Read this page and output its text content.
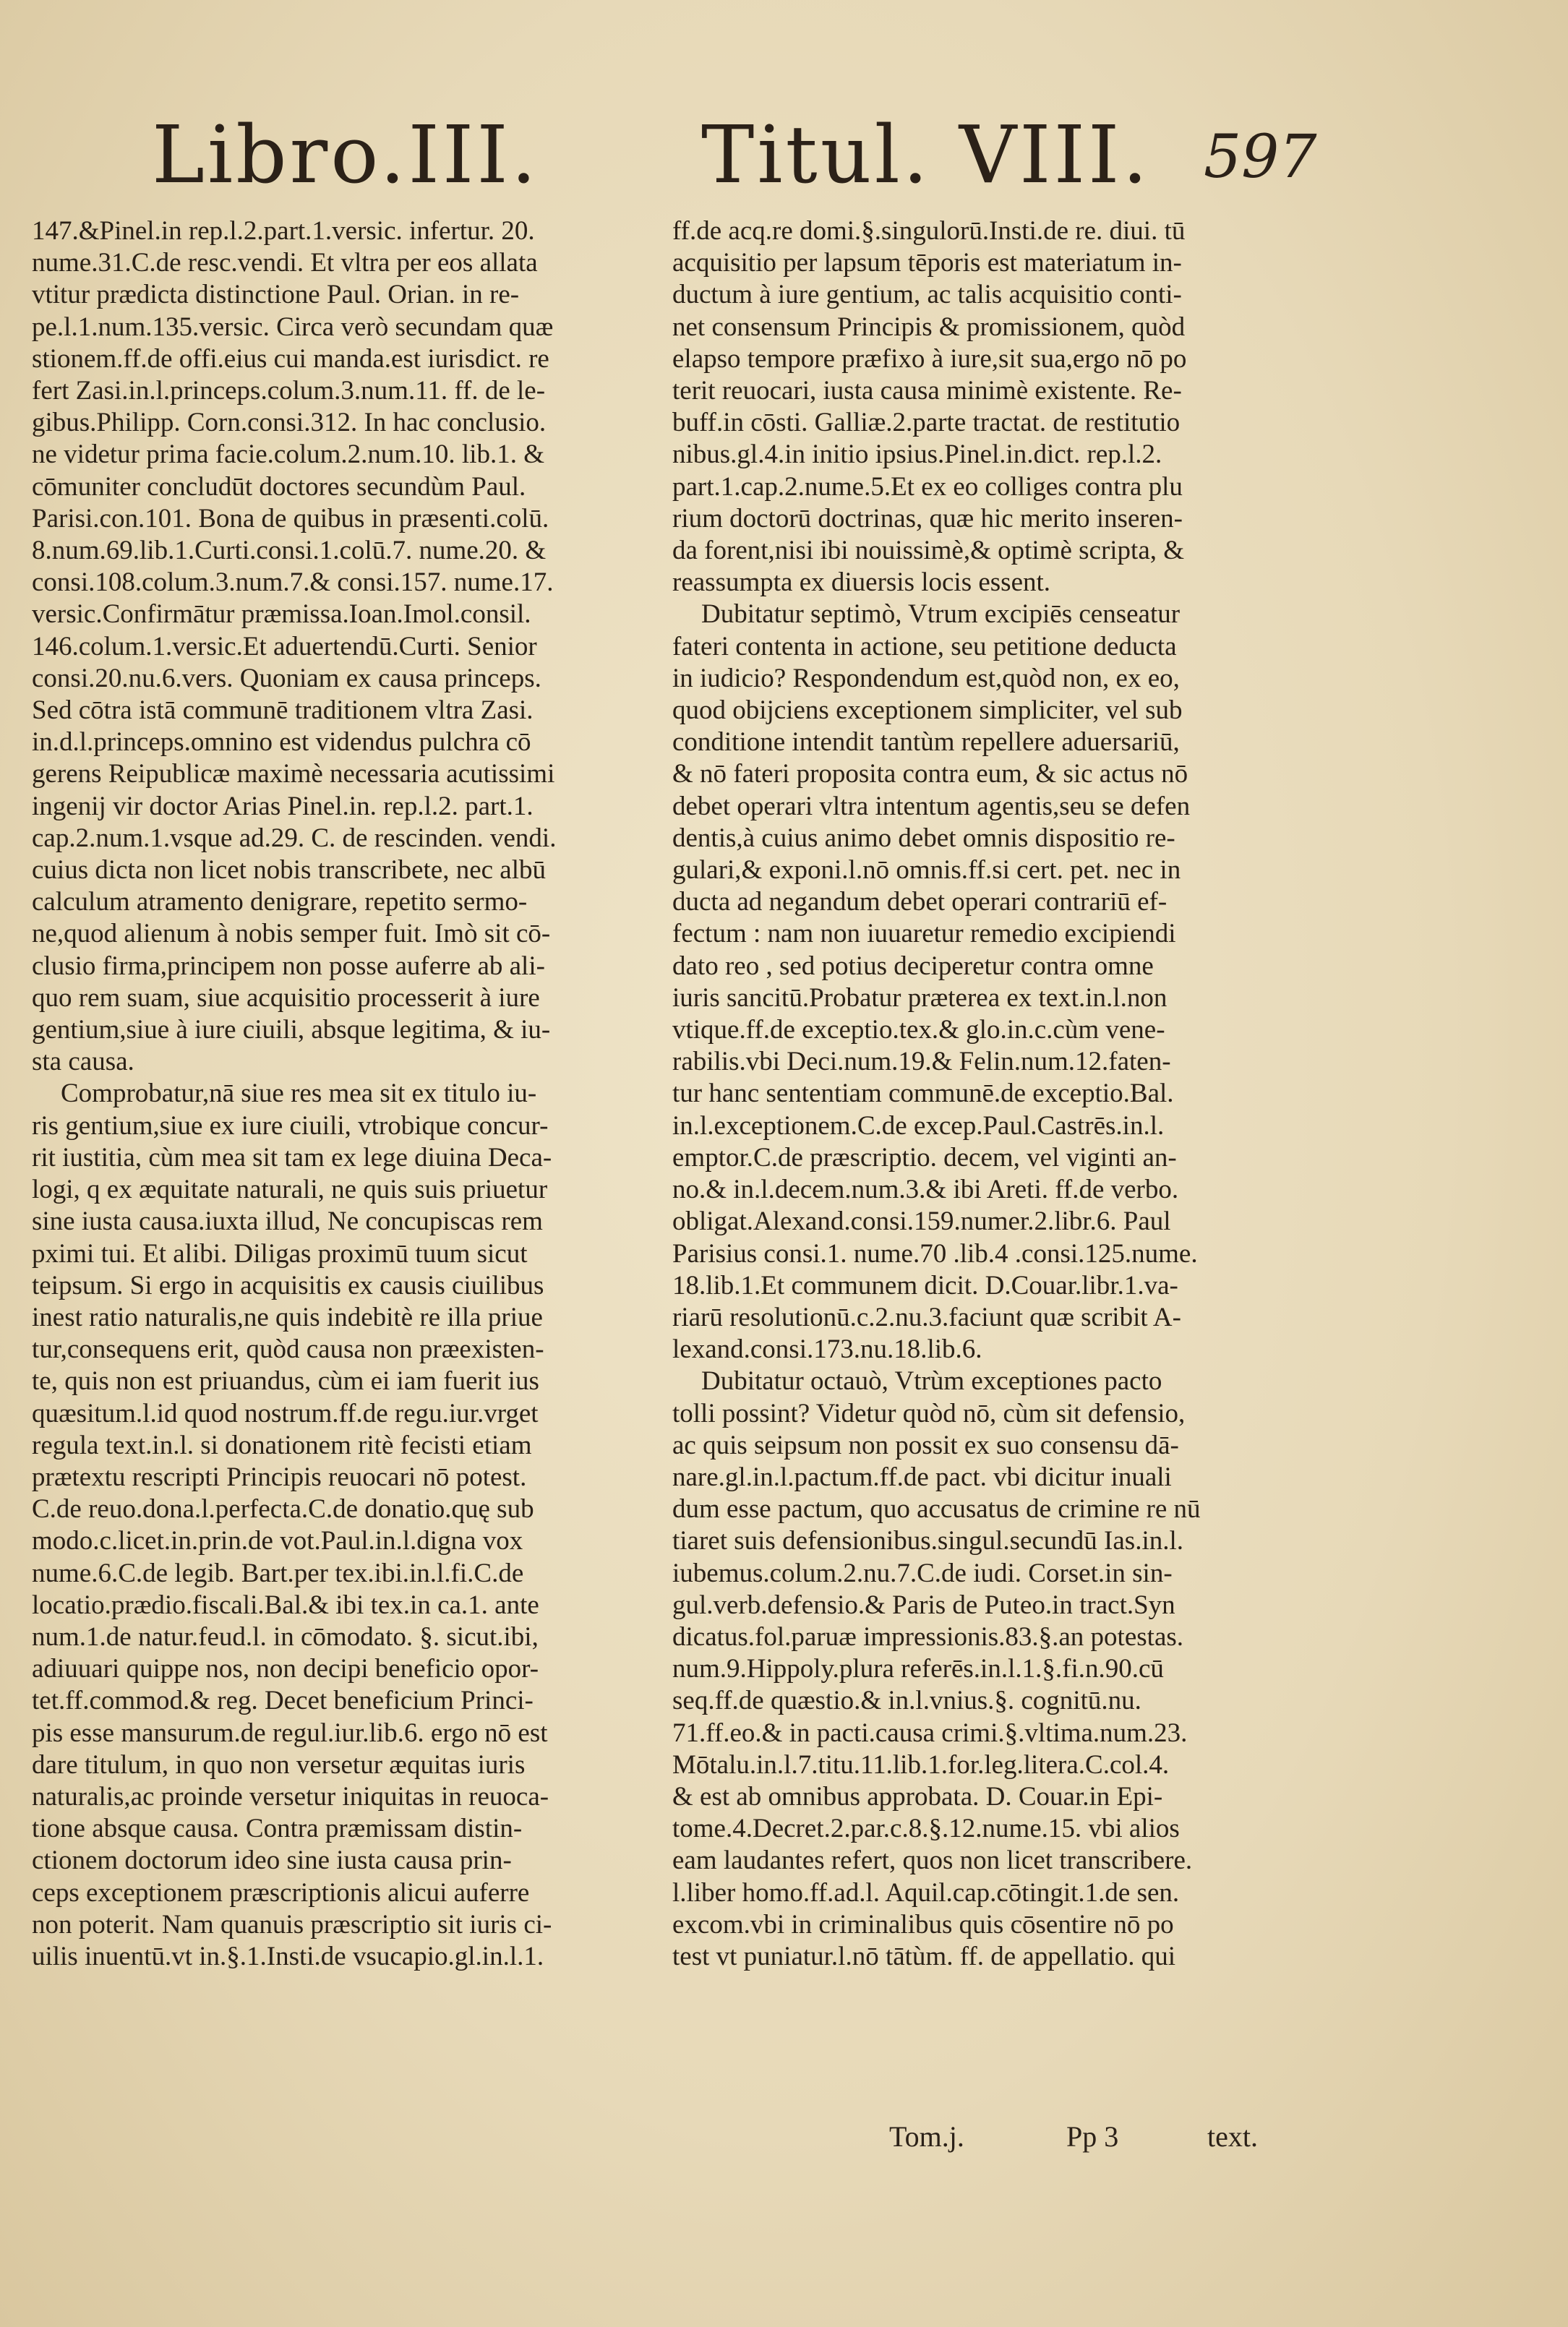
Libro.III. Titul. VIII. 597
147.&Pinel.in rep.l.2.part.1.versic. infertur. 20.
nume.31.C.de resc.vendi. Et vltra per eos allata
vtitur prædicta distinctione Paul. Orian. in re-
pe.l.1.num.135.versic. Circa verò secundam quæ
stionem.ff.de offi.eius cui manda.est iurisdict. re
fert Zasi.in.l.princeps.colum.3.num.11. ff. de le-
gibus.Philipp. Corn.consi.312. In hac conclusio.
ne videtur prima facie.colum.2.num.10. lib.1. &
cōmuniter concludūt doctores secundùm Paul.
Parisi.con.101. Bona de quibus in præsenti.colū.
8.num.69.lib.1.Curti.consi.1.colū.7. nume.20. &
consi.108.colum.3.num.7.& consi.157. nume.17.
versic.Confirmātur præmissa.Ioan.Imol.consil.
146.colum.1.versic.Et aduertendū.Curti. Senior
consi.20.nu.6.vers. Quoniam ex causa princeps.
Sed cōtra istā communē traditionem vltra Zasi.
in.d.l.princeps.omnino est videndus pulchra cō
gerens Reipublicæ maximè necessaria acutissimi
ingenij vir doctor Arias Pinel.in. rep.l.2. part.1.
cap.2.num.1.vsque ad.29. C. de rescinden. vendi.
cuius dicta non licet nobis transcribete, nec albū
calculum atramento denigrare, repetito sermo-
ne,quod alienum à nobis semper fuit. Imò sit cō-
clusio firma,principem non posse auferre ab ali-
quo rem suam, siue acquisitio processerit à iure
gentium,siue à iure ciuili, absque legitima, & iu-
sta causa.
Comprobatur,nā siue res mea sit ex titulo iu-
ris gentium,siue ex iure ciuili, vtrobique concur-
rit iustitia, cùm mea sit tam ex lege diuina Deca-
logi, q ex æquitate naturali, ne quis suis priuetur
sine iusta causa.iuxta illud, Ne concupiscas rem
pximi tui. Et alibi. Diligas proximū tuum sicut
teipsum. Si ergo in acquisitis ex causis ciuilibus
inest ratio naturalis,ne quis indebitè re illa priue
tur,consequens erit, quòd causa non præexisten-
te, quis non est priuandus, cùm ei iam fuerit ius
quæsitum.l.id quod nostrum.ff.de regu.iur.vrget
regula text.in.l. si donationem ritè fecisti etiam
prætextu rescripti Principis reuocari nō potest.
C.de reuo.dona.l.perfecta.C.de donatio.quę sub
modo.c.licet.in.prin.de vot.Paul.in.l.digna vox
nume.6.C.de legib. Bart.per tex.ibi.in.l.fi.C.de
locatio.prædio.fiscali.Bal.& ibi tex.in ca.1. ante
num.1.de natur.feud.l. in cōmodato. §. sicut.ibi,
adiuuari quippe nos, non decipi beneficio opor-
tet.ff.commod.& reg. Decet beneficium Princi-
pis esse mansurum.de regul.iur.lib.6. ergo nō est
dare titulum, in quo non versetur æquitas iuris
naturalis,ac proinde versetur iniquitas in reuoca-
tione absque causa. Contra præmissam distin-
ctionem doctorum ideo sine iusta causa prin-
ceps exceptionem præscriptionis alicui auferre
non poterit. Nam quanuis præscriptio sit iuris ci-
uilis inuentū.vt in.§.1.Insti.de vsucapio.gl.in.l.1.
ff.de acq.re domi.§.singulorū.Insti.de re. diui. tū
acquisitio per lapsum tēporis est materiatum in-
ductum à iure gentium, ac talis acquisitio conti-
net consensum Principis & promissionem, quòd
elapso tempore præfixo à iure,sit sua,ergo nō po
terit reuocari, iusta causa minimè existente. Re-
buff.in cōsti. Galliæ.2.parte tractat. de restitutio
nibus.gl.4.in initio ipsius.Pinel.in.dict. rep.l.2.
part.1.cap.2.nume.5.Et ex eo colliges contra plu
rium doctorū doctrinas, quæ hic merito inseren-
da forent,nisi ibi nouissimè,& optimè scripta, &
reassumpta ex diuersis locis essent.
Dubitatur septimò, Vtrum excipiēs censeatur
fateri contenta in actione, seu petitione deducta
in iudicio? Respondendum est,quòd non, ex eo,
quod obijciens exceptionem simpliciter, vel sub
conditione intendit tantùm repellere aduersariū,
& nō fateri proposita contra eum, & sic actus nō
debet operari vltra intentum agentis,seu se defen
dentis,à cuius animo debet omnis dispositio re-
gulari,& exponi.l.nō omnis.ff.si cert. pet. nec in
ducta ad negandum debet operari contrariū ef-
fectum : nam non iuuaretur remedio excipiendi
dato reo , sed potius deciperetur contra omne
iuris sancitū.Probatur præterea ex text.in.l.non
vtique.ff.de exceptio.tex.& glo.in.c.cùm vene-
rabilis.vbi Deci.num.19.& Felin.num.12.faten-
tur hanc sententiam communē.de exceptio.Bal.
in.l.exceptionem.C.de excep.Paul.Castrēs.in.l.
emptor.C.de præscriptio. decem, vel viginti an-
no.& in.l.decem.num.3.& ibi Areti. ff.de verbo.
obligat.Alexand.consi.159.numer.2.libr.6. Paul
Parisius consi.1. nume.70 .lib.4 .consi.125.nume.
18.lib.1.Et communem dicit. D.Couar.libr.1.va-
riarū resolutionū.c.2.nu.3.faciunt quæ scribit A-
lexand.consi.173.nu.18.lib.6.
Dubitatur octauò, Vtrùm exceptiones pacto
tolli possint? Videtur quòd nō, cùm sit defensio,
ac quis seipsum non possit ex suo consensu dā-
nare.gl.in.l.pactum.ff.de pact. vbi dicitur inuali
dum esse pactum, quo accusatus de crimine re nū
tiaret suis defensionibus.singul.secundū Ias.in.l.
iubemus.colum.2.nu.7.C.de iudi. Corset.in sin-
gul.verb.defensio.& Paris de Puteo.in tract.Syn
dicatus.fol.paruæ impressionis.83.§.an potestas.
num.9.Hippoly.plura referēs.in.l.1.§.fi.n.90.cū
seq.ff.de quæstio.& in.l.vnius.§. cognitū.nu.
71.ff.eo.& in pacti.causa crimi.§.vltima.num.23.
Mōtalu.in.l.7.titu.11.lib.1.for.leg.litera.C.col.4.
& est ab omnibus approbata. D. Couar.in Epi-
tome.4.Decret.2.par.c.8.§.12.nume.15. vbi alios
eam laudantes refert, quos non licet transcribere.
l.liber homo.ff.ad.l. Aquil.cap.cōtingit.1.de sen.
excom.vbi in criminalibus quis cōsentire nō po
test vt puniatur.l.nō tātùm. ff. de appellatio. qui
Tom.j.	Pp 3	text.
